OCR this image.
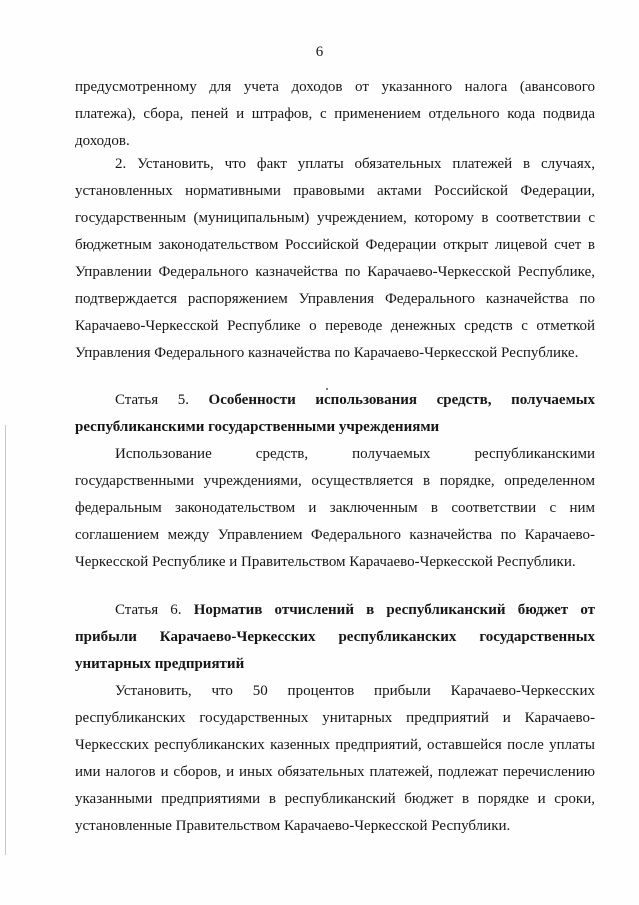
6
предусмотренному для учета доходов от указанного налога (авансового
платежа), сбора, пеней и штрафов, с применением отдельного кода подвида
доходов.
2. Установить, что факт уплаты обязательных платежей в случаях,
установленных нормативными правовыми актами Российской Федерации,
государственным (муниципальным) учреждением, которому в соответствии с
бюджетным законодательством Российской Федерации открыт лицевой счет в
Управлении Федерального казначейства по Карачаево-Черкесской Республике,
подтверждается распоряжением Управления Федерального казначейства по
Карачаево-Черкесской Республике о переводе денежных средств с отметкой
Управления Федерального казначейства по Карачаево-Черкесской Республике.
Статья 5. Особенности использования средств, получаемых
республиканскими государственными учреждениями
Использование средств, получаемых республиканскими
государственными учреждениями, осуществляется в порядке, определенном
федеральным законодательством и заключенным в соответствии с ним
соглашением между Управлением Федерального казначейства по Карачаево-
Черкесской Республике и Правительством Карачаево-Черкесской Республики.
Статья 6. Норматив отчислений в республиканский бюджет от
прибыли Карачаево-Черкесских республиканских государственных
унитарных предприятий
Установить, что 50 процентов прибыли Карачаево-Черкесских
республиканских государственных унитарных предприятий и Карачаево-
Черкесских республиканских казенных предприятий, оставшейся после уплаты
ими налогов и сборов, и иных обязательных платежей, подлежат перечислению
указанными предприятиями в республиканский бюджет в порядке и сроки,
установленные Правительством Карачаево-Черкесской Республики.
